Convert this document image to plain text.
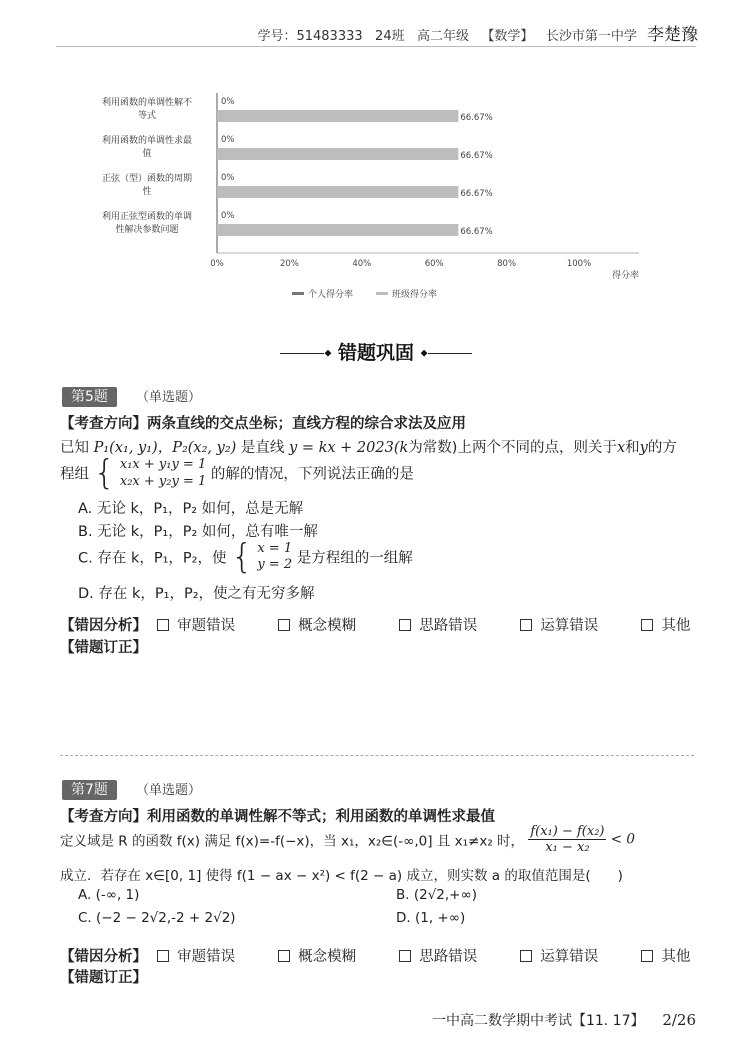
学号：51483333 24班 高二年级 【数学】 长沙市第一中学 李楚豫
利用函数的单调性解不
等式
0%
66.67%
利用函数的单调性求最
值
0%
66.67%
正弦（型）函数的周期
性
0%
66.67%
利用正弦型函数的单调
性解决参数问题
0%
66.67%
0%	20%	40%	60%	80%	100%
得分率
个人得分率	班级得分率
◆ 错题巩固 ◆
第5题 （单选题）
【考查方向】两条直线的交点坐标；直线方程的综合求法及应用
已知 P₁(x₁, y₁)，P₂(x₂, y₂) 是直线 y = kx + 2023(k为常数)上两个不同的点，则关于x和y的方
程组 { x₁x + y₁y = 1
x₂x + y₂y = 1 的解的情况，下列说法正确的是
A. 无论 k，P₁，P₂ 如何，总是无解
B. 无论 k，P₁，P₂ 如何，总有唯一解
C. 存在 k，P₁，P₂，使 { x = 1
y = 2 是方程组的一组解
D. 存在 k，P₁，P₂，使之有无穷多解
【错因分析】 审题错误	概念模糊	思路错误	运算错误	其他
【错题订正】
第7题 （单选题）
【考查方向】利用函数的单调性解不等式；利用函数的单调性求最值
定义域是 R 的函数 f(x) 满足 f(x)=-f(−x)，当 x₁，x₂∈(-∞,0] 且 x₁≠x₂ 时， $\frac{\text{f(x₁) − f(x₂)}}{\text{x₁ − x₂}} < 0$
成立．若存在 x∈[0, 1] 使得 f(1 − ax − x²) < f(2 − a) 成立，则实数 a 的取值范围是(　　)
A. (-∞, 1)	B. (2√2,+∞)
C. (−2 − 2√2,-2 + 2√2)	D. (1, +∞)
【错因分析】 审题错误	概念模糊	思路错误	运算错误	其他
【错题订正】
一中高二数学期中考试【11. 17】 2/26
